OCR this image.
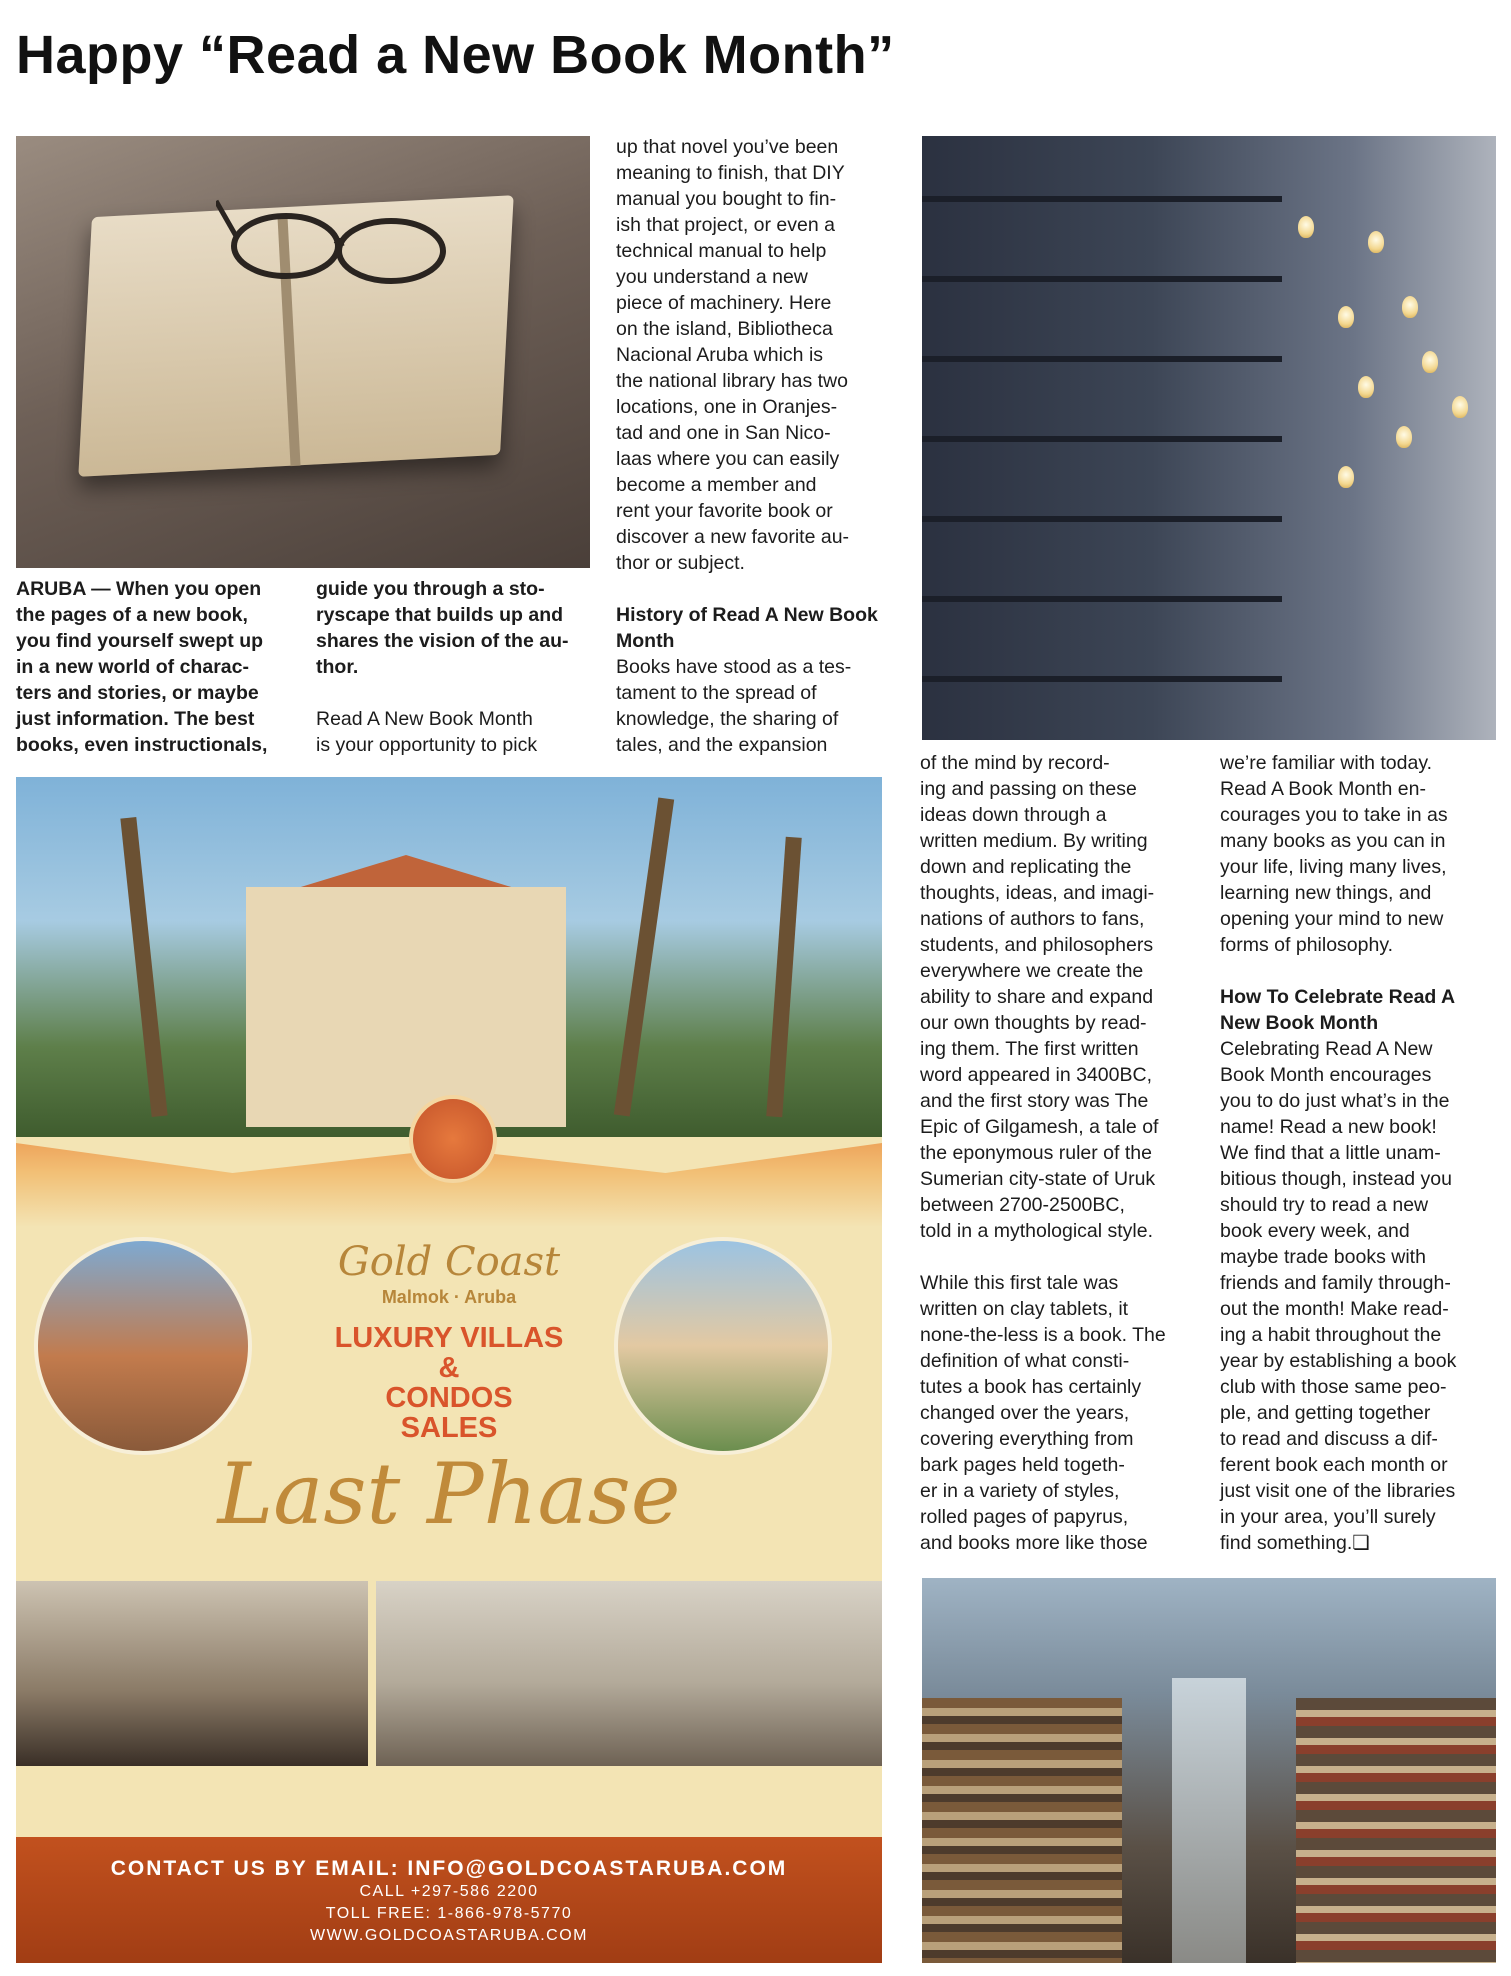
Happy “Read a New Book Month”

ARUBA — When you open

the pages of a new book,

you find yourself swept up

in a new world of charac-

ters and stories, or maybe

just information. The best

books, even instructionals,

guide you through a sto-

ryscape that builds up and

shares the vision of the au-

thor.

Read A New Book Month

is your opportunity to pick

up that novel you’ve been

meaning to finish, that DIY

manual you bought to fin-

ish that project, or even a

technical manual to help

you understand a new

piece of machinery. Here

on the island, Bibliotheca

Nacional Aruba which is

the national library has two

locations, one in Oranjes-

tad and one in San Nico-

laas where you can easily

become a member and

rent your favorite book or

discover a new favorite au-

thor or subject.

History of Read A New Book

Month

Books have stood as a tes-

tament to the spread of

knowledge, the sharing of

tales, and the expansion

of the mind by record-

ing and passing on these

ideas down through a

written medium. By writing

down and replicating the

thoughts, ideas, and imagi-

nations of authors to fans,

students, and philosophers

everywhere we create the

ability to share and expand

our own thoughts by read-

ing them. The first written

word appeared in 3400BC,

and the first story was The

Epic of Gilgamesh, a tale of

the eponymous ruler of the

Sumerian city-state of Uruk

between 2700-2500BC,

told in a mythological style.

While this first tale was

written on clay tablets, it

none-the-less is a book. The

definition of what consti-

tutes a book has certainly

changed over the years,

covering everything from

bark pages held togeth-

er in a variety of styles,

rolled pages of papyrus,

and books more like those

we’re familiar with today.

Read A Book Month en-

courages you to take in as

many books as you can in

your life, living many lives,

learning new things, and

opening your mind to new

forms of philosophy.

How To Celebrate Read A

New Book Month

Celebrating Read A New

Book Month encourages

you to do just what’s in the

name! Read a new book!

We find that a little unam-

bitious though, instead you

should try to read a new

book every week, and

maybe trade books with

friends and family through-

out the month! Make read-

ing a habit throughout the

year by establishing a book

club with those same peo-

ple, and getting together

to read and discuss a dif-

ferent book each month or

just visit one of the libraries

in your area, you’ll surely

find something.❏

Gold Coast
Malmok · Aruba
LUXURY VILLAS
&
CONDOS
SALES
Last Phase
CONTACT US BY EMAIL: INFO@GOLDCOASTARUBA.COM
CALL +297-586 2200
TOLL FREE: 1-866-978-5770
WWW.GOLDCOASTARUBA.COM
